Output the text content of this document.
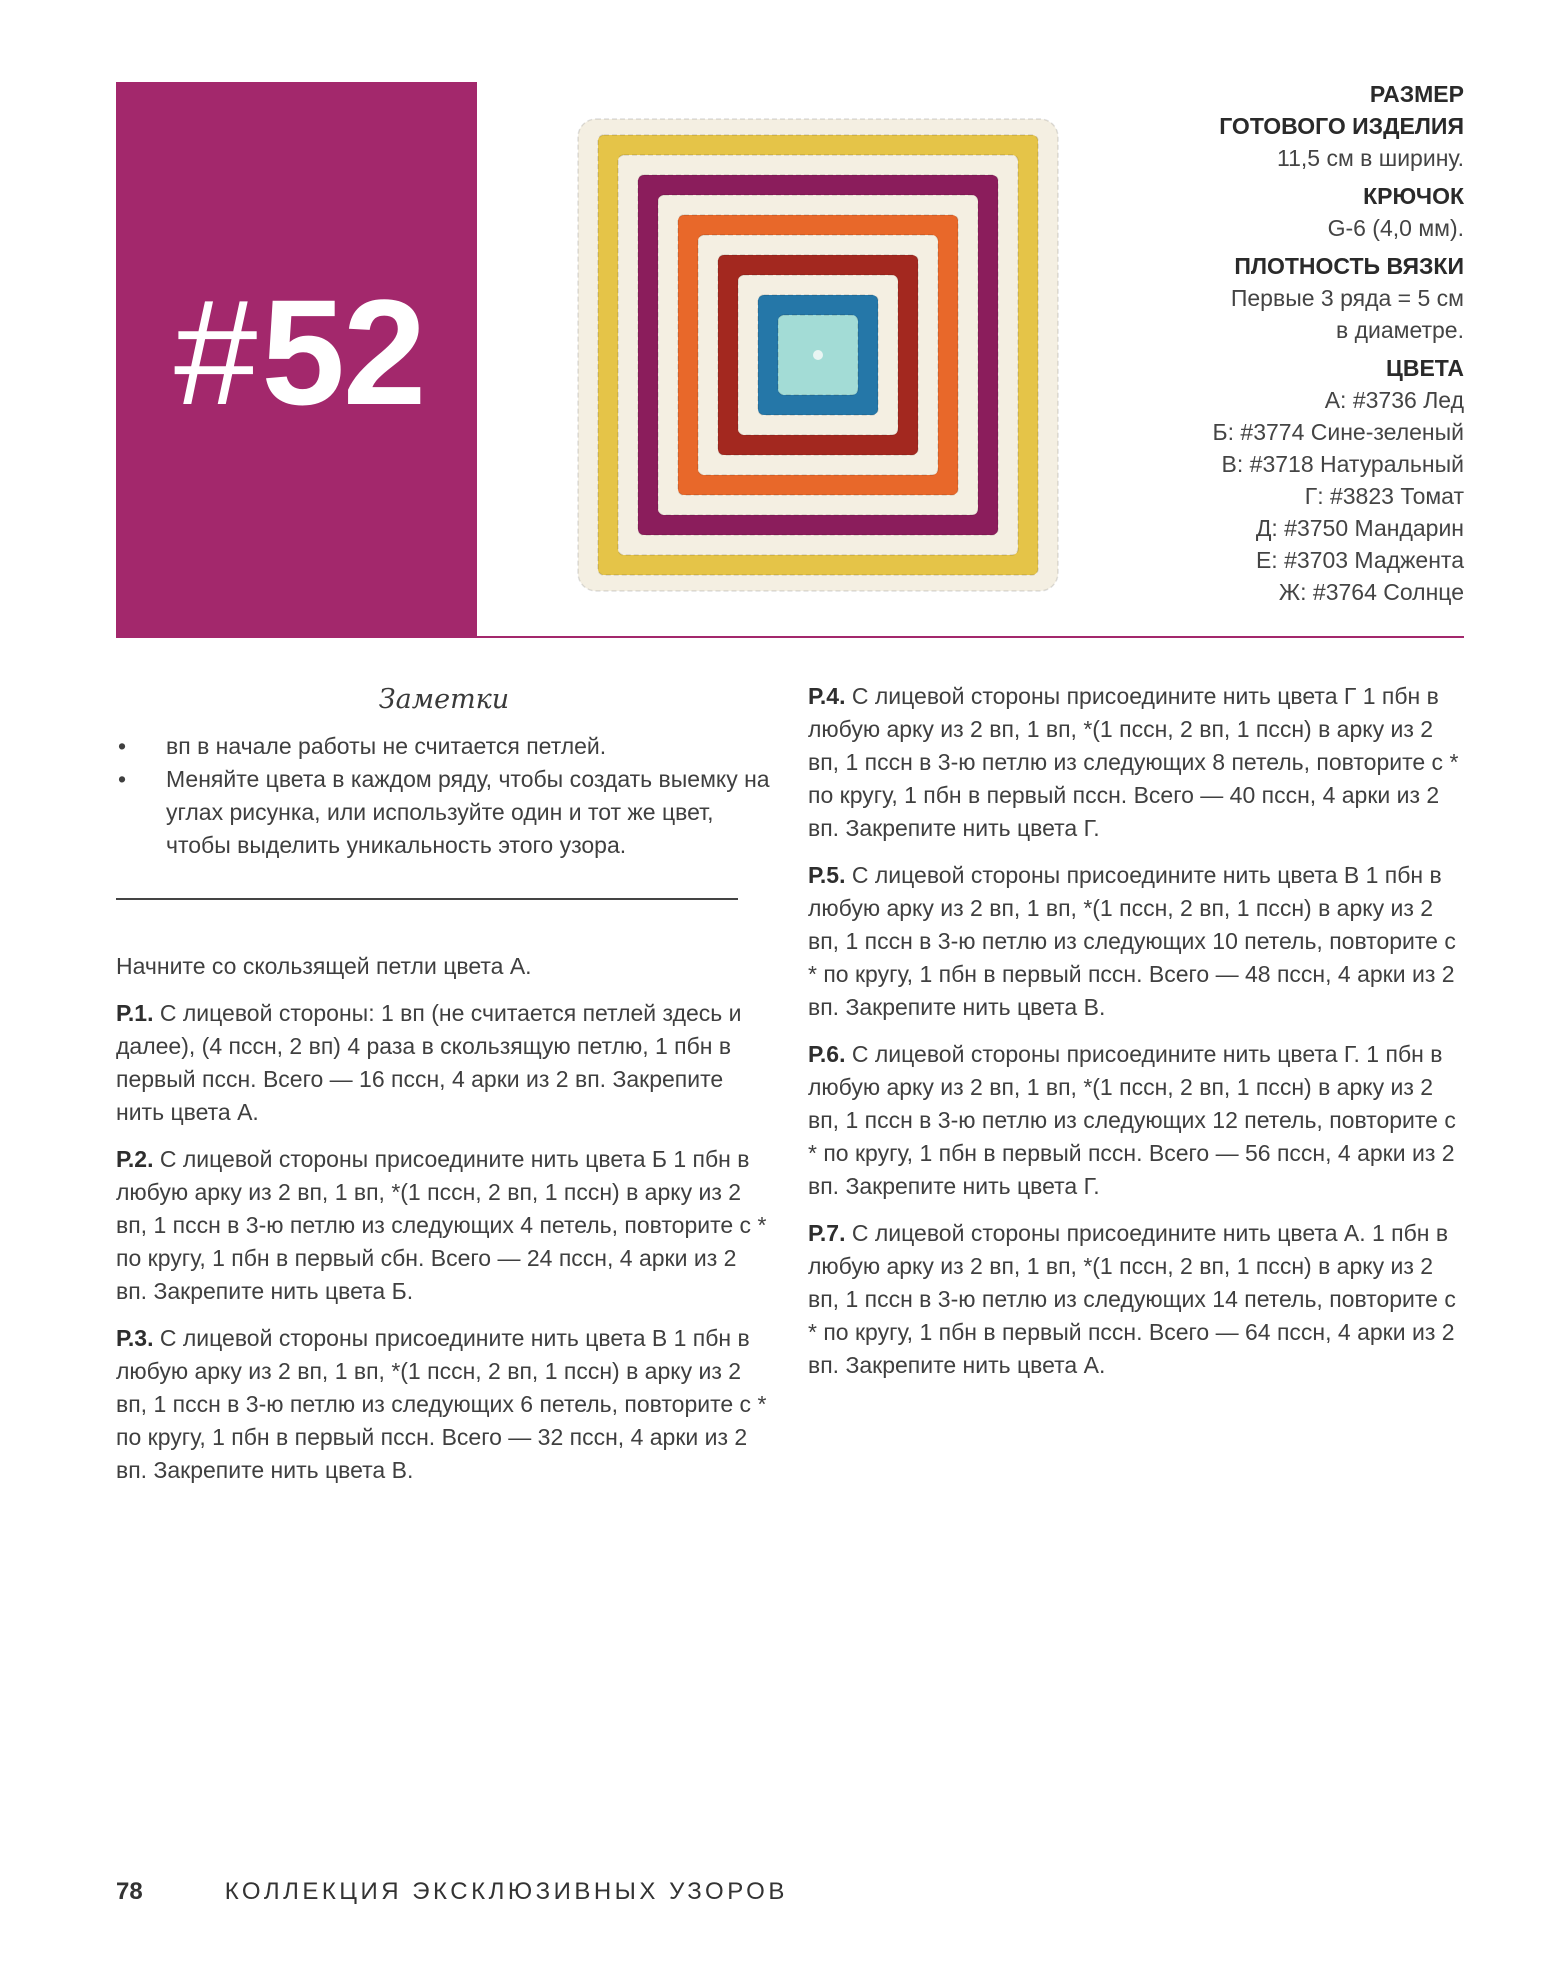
#52
РАЗМЕР
ГОТОВОГО ИЗДЕЛИЯ
11,5 см в ширину.
КРЮЧОК
G-6 (4,0 мм).
ПЛОТНОСТЬ ВЯЗКИ
Первые 3 ряда = 5 см
в диаметре.
ЦВЕТА
А: #3736 Лед
Б: #3774 Сине-зеленый
В: #3718 Натуральный
Г: #3823 Томат
Д: #3750 Мандарин
Е: #3703 Маджента
Ж: #3764 Солнце
Заметки
• вп в начале работы не считается петлей.
• Меняйте цвета в каждом ряду, чтобы создать выемку на углах рисунка, или используйте один и тот же цвет, чтобы выделить уникальность этого узора.

Начните со скользящей петли цвета А.

Р.1. С лицевой стороны: 1 вп (не считается петлей здесь и далее), (4 пссн, 2 вп) 4 раза в скользящую петлю, 1 пбн в первый пссн. Всего — 16 пссн, 4 арки из 2 вп. Закрепите нить цвета А.

Р.2. С лицевой стороны присоедините нить цвета Б 1 пбн в любую арку из 2 вп, 1 вп, *(1 пссн, 2 вп, 1 пссн) в арку из 2 вп, 1 пссн в 3-ю петлю из следующих 4 петель, повторите с * по кругу, 1 пбн в первый сбн. Всего — 24 пссн, 4 арки из 2 вп. Закрепите нить цвета Б.

Р.3. С лицевой стороны присоедините нить цвета В 1 пбн в любую арку из 2 вп, 1 вп, *(1 пссн, 2 вп, 1 пссн) в арку из 2 вп, 1 пссн в 3-ю петлю из следующих 6 петель, повторите с * по кругу, 1 пбн в первый пссн. Всего — 32 пссн, 4 арки из 2 вп. Закрепите нить цвета В.

Р.4. С лицевой стороны присоедините нить цвета Г 1 пбн в любую арку из 2 вп, 1 вп, *(1 пссн, 2 вп, 1 пссн) в арку из 2 вп, 1 пссн в 3-ю петлю из следующих 8 петель, повторите с * по кругу, 1 пбн в первый пссн. Всего — 40 пссн, 4 арки из 2 вп. Закрепите нить цвета Г.

Р.5. С лицевой стороны присоедините нить цвета В 1 пбн в любую арку из 2 вп, 1 вп, *(1 пссн, 2 вп, 1 пссн) в арку из 2 вп, 1 пссн в 3-ю петлю из следующих 10 петель, повторите с * по кругу, 1 пбн в первый пссн. Всего — 48 пссн, 4 арки из 2 вп. Закрепите нить цвета В.

Р.6. С лицевой стороны присоедините нить цвета Г. 1 пбн в любую арку из 2 вп, 1 вп, *(1 пссн, 2 вп, 1 пссн) в арку из 2 вп, 1 пссн в 3-ю петлю из следующих 12 петель, повторите с * по кругу, 1 пбн в первый пссн. Всего — 56 пссн, 4 арки из 2 вп. Закрепите нить цвета Г.

Р.7. С лицевой стороны присоедините нить цвета А. 1 пбн в любую арку из 2 вп, 1 вп, *(1 пссн, 2 вп, 1 пссн) в арку из 2 вп, 1 пссн в 3-ю петлю из следующих 14 петель, повторите с * по кругу, 1 пбн в первый пссн. Всего — 64 пссн, 4 арки из 2 вп. Закрепите нить цвета А.

78	КОЛЛЕКЦИЯ ЭКСКЛЮЗИВНЫХ УЗОРОВ
